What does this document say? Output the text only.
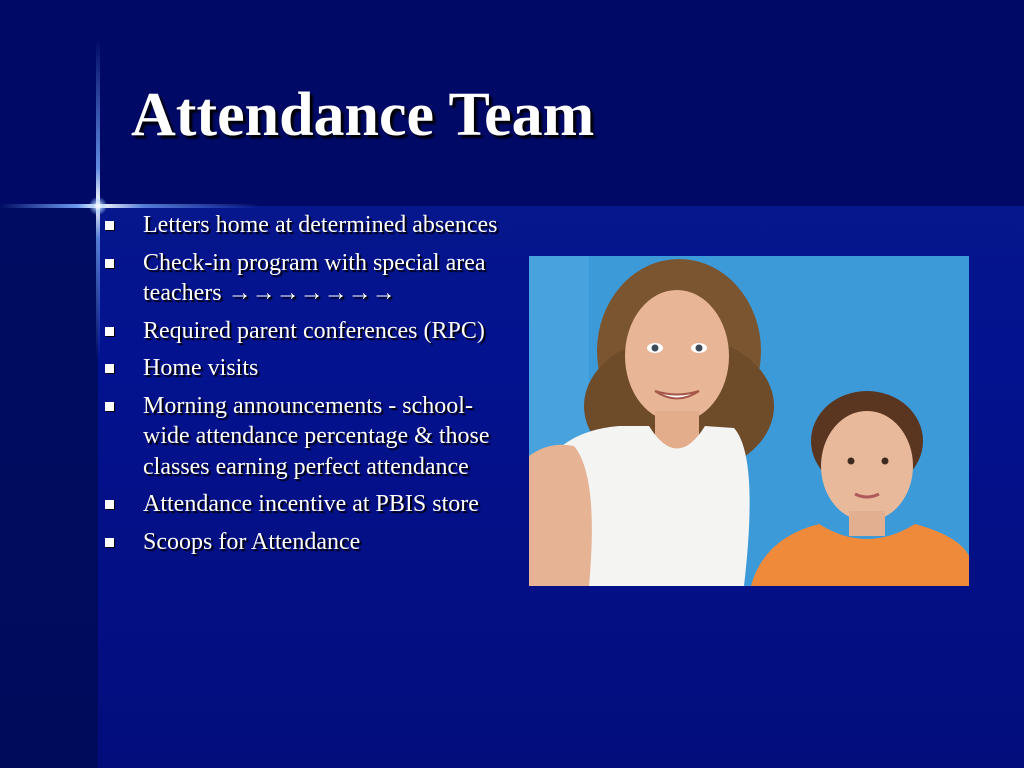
Attendance Team
Letters home at determined absences
Check-in program with special area teachers →→→→→→→
Required parent conferences (RPC)
Home visits
Morning announcements - school-wide attendance percentage & those classes earning perfect attendance
Attendance incentive at PBIS store
Scoops for Attendance
